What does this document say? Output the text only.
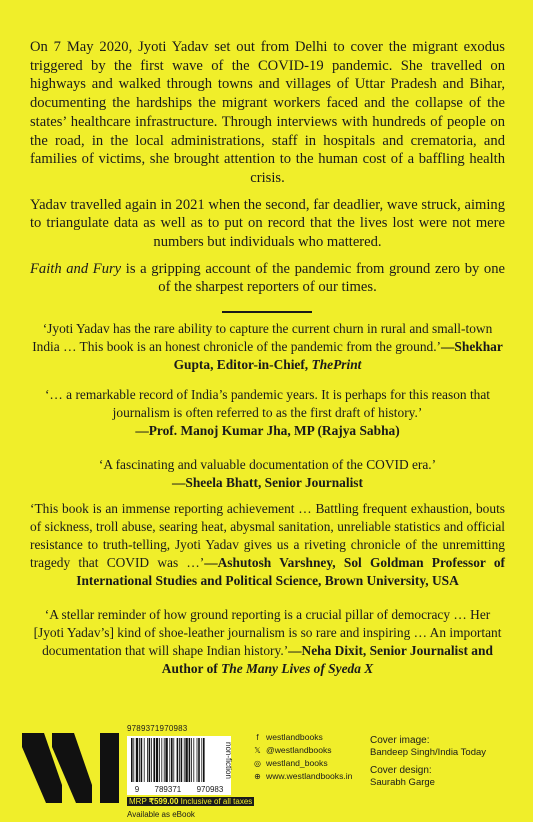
On 7 May 2020, Jyoti Yadav set out from Delhi to cover the migrant exodus triggered by the first wave of the COVID-19 pandemic. She travelled on highways and walked through towns and villages of Uttar Pradesh and Bihar, documenting the hardships the migrant workers faced and the collapse of the states’ healthcare infrastructure. Through interviews with hundreds of people on the road, in the local administrations, staff in hospitals and crematoria, and families of victims, she brought attention to the human cost of a baffling health crisis.

Yadav travelled again in 2021 when the second, far deadlier, wave struck, aiming to triangulate data as well as to put on record that the lives lost were not mere numbers but individuals who mattered.

Faith and Fury is a gripping account of the pandemic from ground zero by one of the sharpest reporters of our times.

‘Jyoti Yadav has the rare ability to capture the current churn in rural and small-town India … This book is an honest chronicle of the pandemic from the ground.’—Shekhar Gupta, Editor-in-Chief, ThePrint

‘… a remarkable record of India’s pandemic years. It is perhaps for this reason that journalism is often referred to as the first draft of history.’

—Prof. Manoj Kumar Jha, MP (Rajya Sabha)

‘A fascinating and valuable documentation of the COVID era.’

—Sheela Bhatt, Senior Journalist

‘This book is an immense reporting achievement … Battling frequent exhaustion, bouts of sickness, troll abuse, searing heat, abysmal sanitation, unreliable statistics and official resistance to truth-telling, Jyoti Yadav gives us a riveting chronicle of the unremitting tragedy that COVID was …’—Ashutosh Varshney, Sol Goldman Professor of International Studies and Political Science, Brown University, USA

‘A stellar reminder of how ground reporting is a crucial pillar of democracy … Her [Jyoti Yadav’s] kind of shoe-leather journalism is so rare and inspiring … An important documentation that will shape Indian history.’—Neha Dixit, Senior Journalist and Author of The Many Lives of Syeda X

9789371970983
9 789371 970983
non-fiction
MRP ₹599.00 Inclusive of all taxes
Available as eBook
f westlandbooks
𝕏 @westlandbooks
◎ westland_books
⊕ www.westlandbooks.in
Cover image:
Bandeep Singh/India Today
Cover design:
Saurabh Garge
